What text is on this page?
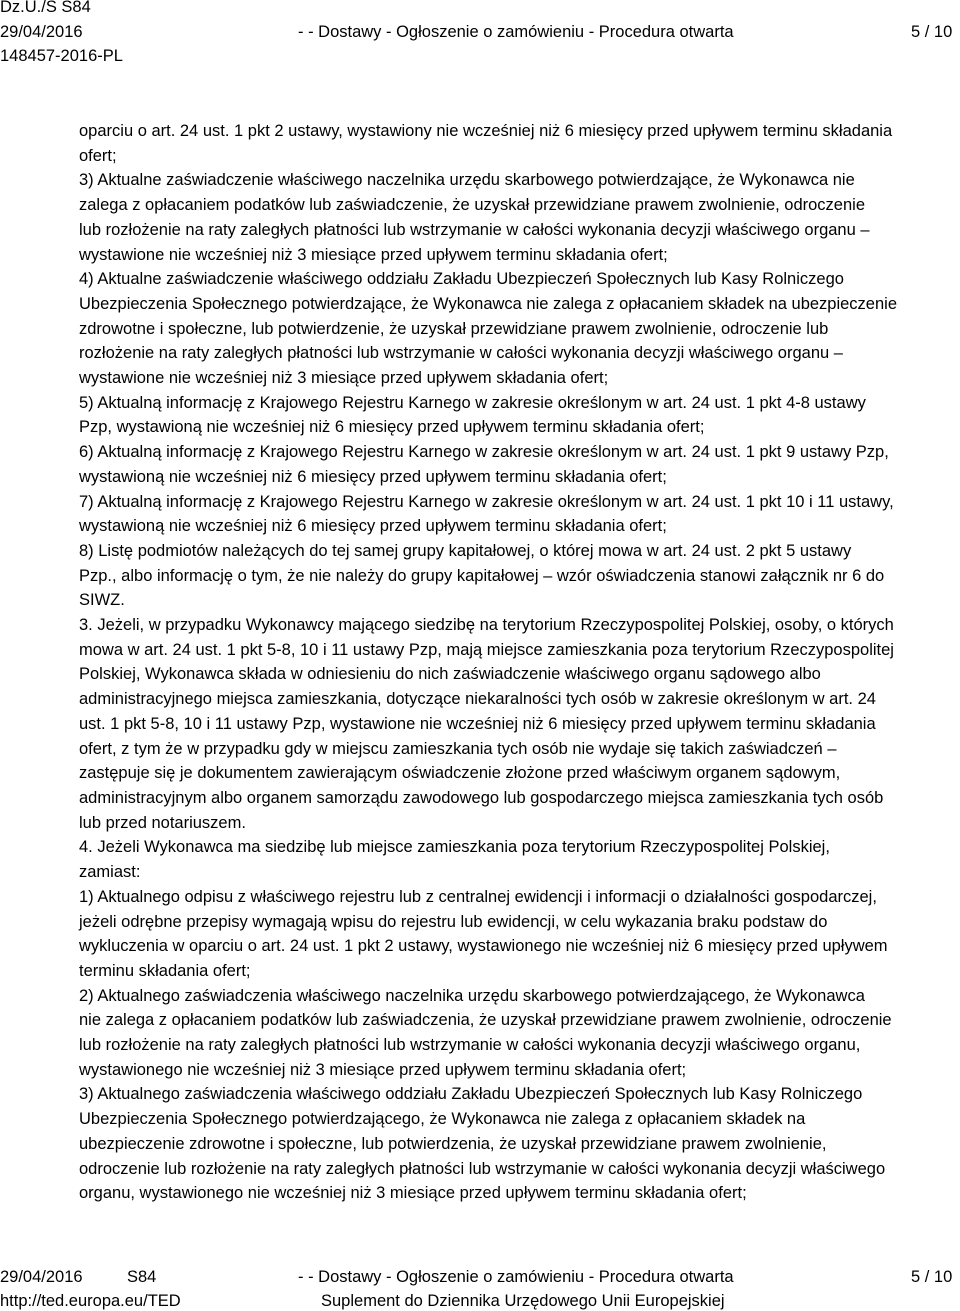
Dz.U./S S84
29/04/2016	- - Dostawy - Ogłoszenie o zamówieniu - Procedura otwarta	5 / 10
148457-2016-PL

oparciu o art. 24 ust. 1 pkt 2 ustawy, wystawiony nie wcześniej niż 6 miesięcy przed upływem terminu składania

ofert;

3) Aktualne zaświadczenie właściwego naczelnika urzędu skarbowego potwierdzające, że Wykonawca nie

zalega z opłacaniem podatków lub zaświadczenie, że uzyskał przewidziane prawem zwolnienie, odroczenie

lub rozłożenie na raty zaległych płatności lub wstrzymanie w całości wykonania decyzji właściwego organu –

wystawione nie wcześniej niż 3 miesiące przed upływem terminu składania ofert;

4) Aktualne zaświadczenie właściwego oddziału Zakładu Ubezpieczeń Społecznych lub Kasy Rolniczego

Ubezpieczenia Społecznego potwierdzające, że Wykonawca nie zalega z opłacaniem składek na ubezpieczenie

zdrowotne i społeczne, lub potwierdzenie, że uzyskał przewidziane prawem zwolnienie, odroczenie lub

rozłożenie na raty zaległych płatności lub wstrzymanie w całości wykonania decyzji właściwego organu –

wystawione nie wcześniej niż 3 miesiące przed upływem składania ofert;

5) Aktualną informację z Krajowego Rejestru Karnego w zakresie określonym w art. 24 ust. 1 pkt 4-8 ustawy

Pzp, wystawioną nie wcześniej niż 6 miesięcy przed upływem terminu składania ofert;

6) Aktualną informację z Krajowego Rejestru Karnego w zakresie określonym w art. 24 ust. 1 pkt 9 ustawy Pzp,

wystawioną nie wcześniej niż 6 miesięcy przed upływem terminu składania ofert;

7) Aktualną informację z Krajowego Rejestru Karnego w zakresie określonym w art. 24 ust. 1 pkt 10 i 11 ustawy,

wystawioną nie wcześniej niż 6 miesięcy przed upływem terminu składania ofert;

8) Listę podmiotów należących do tej samej grupy kapitałowej, o której mowa w art. 24 ust. 2 pkt 5 ustawy

Pzp., albo informację o tym, że nie należy do grupy kapitałowej – wzór oświadczenia stanowi załącznik nr 6 do

SIWZ.

3. Jeżeli, w przypadku Wykonawcy mającego siedzibę na terytorium Rzeczypospolitej Polskiej, osoby, o których

mowa w art. 24 ust. 1 pkt 5-8, 10 i 11 ustawy Pzp, mają miejsce zamieszkania poza terytorium Rzeczypospolitej

Polskiej, Wykonawca składa w odniesieniu do nich zaświadczenie właściwego organu sądowego albo

administracyjnego miejsca zamieszkania, dotyczące niekaralności tych osób w zakresie określonym w art. 24

ust. 1 pkt 5-8, 10 i 11 ustawy Pzp, wystawione nie wcześniej niż 6 miesięcy przed upływem terminu składania

ofert, z tym że w przypadku gdy w miejscu zamieszkania tych osób nie wydaje się takich zaświadczeń –

zastępuje się je dokumentem zawierającym oświadczenie złożone przed właściwym organem sądowym,

administracyjnym albo organem samorządu zawodowego lub gospodarczego miejsca zamieszkania tych osób

lub przed notariuszem.

4. Jeżeli Wykonawca ma siedzibę lub miejsce zamieszkania poza terytorium Rzeczypospolitej Polskiej,

zamiast:

1) Aktualnego odpisu z właściwego rejestru lub z centralnej ewidencji i informacji o działalności gospodarczej,

jeżeli odrębne przepisy wymagają wpisu do rejestru lub ewidencji, w celu wykazania braku podstaw do

wykluczenia w oparciu o art. 24 ust. 1 pkt 2 ustawy, wystawionego nie wcześniej niż 6 miesięcy przed upływem

terminu składania ofert;

2) Aktualnego zaświadczenia właściwego naczelnika urzędu skarbowego potwierdzającego, że Wykonawca

nie zalega z opłacaniem podatków lub zaświadczenia, że uzyskał przewidziane prawem zwolnienie, odroczenie

lub rozłożenie na raty zaległych płatności lub wstrzymanie w całości wykonania decyzji właściwego organu,

wystawionego nie wcześniej niż 3 miesiące przed upływem terminu składania ofert;

3) Aktualnego zaświadczenia właściwego oddziału Zakładu Ubezpieczeń Społecznych lub Kasy Rolniczego

Ubezpieczenia Społecznego potwierdzającego, że Wykonawca nie zalega z opłacaniem składek na

ubezpieczenie zdrowotne i społeczne, lub potwierdzenia, że uzyskał przewidziane prawem zwolnienie,

odroczenie lub rozłożenie na raty zaległych płatności lub wstrzymanie w całości wykonania decyzji właściwego

organu, wystawionego nie wcześniej niż 3 miesiące przed upływem terminu składania ofert;

29/04/2016	S84	- - Dostawy - Ogłoszenie o zamówieniu - Procedura otwarta	5 / 10
http://ted.europa.eu/TED	Suplement do Dziennika Urzędowego Unii Europejskiej
